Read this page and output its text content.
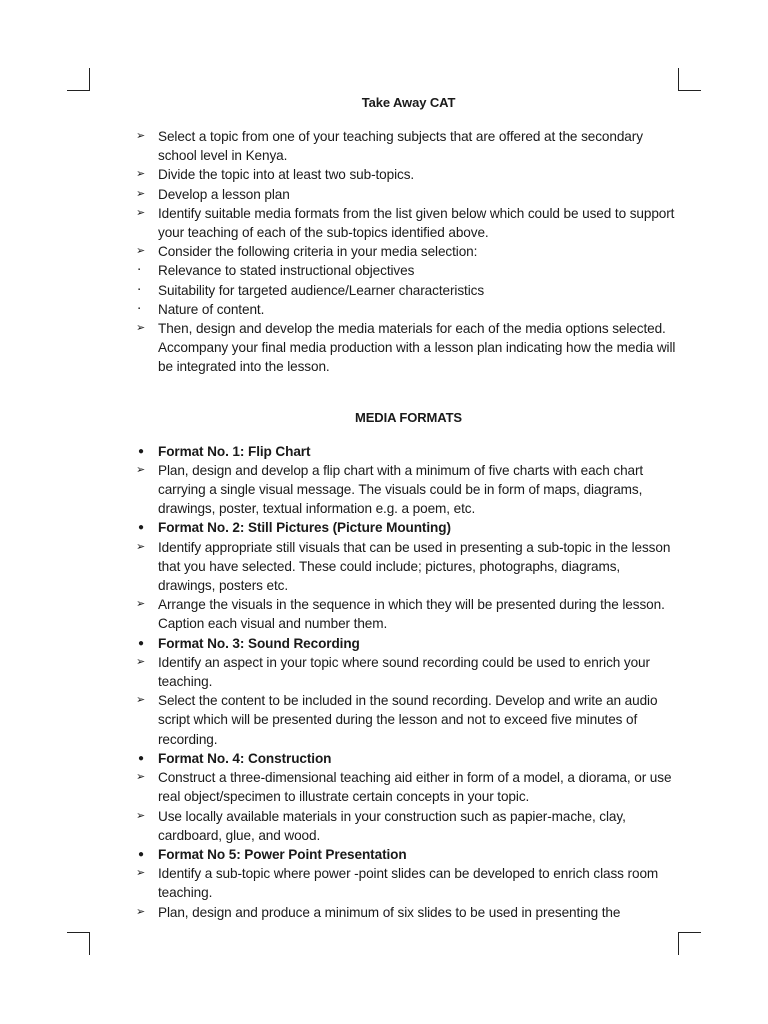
Take Away CAT
➢ Select a topic from one of your teaching subjects that are offered at the secondary school level in Kenya.
➢ Divide the topic into at least two sub-topics.
➢ Develop a lesson plan
➢ Identify suitable media formats from the list given below which could be used to support your teaching of each of the sub-topics identified above.
➢ Consider the following criteria in your media selection:
▪	Relevance to stated instructional objectives
▪	Suitability for targeted audience/Learner characteristics
▪	Nature of content.
➢ Then, design and develop the media materials for each of the media options selected. Accompany your final media production with a lesson plan indicating how the media will be integrated into the lesson.
MEDIA FORMATS
●	Format No. 1: Flip Chart
➢ Plan, design and develop a flip chart with a minimum of five charts with each chart carrying a single visual message. The visuals could be in form of maps, diagrams, drawings, poster, textual information e.g. a poem, etc.
●	Format No. 2: Still Pictures (Picture Mounting)
➢ Identify appropriate still visuals that can be used in presenting a sub-topic in the lesson that you have selected. These could include; pictures, photographs, diagrams, drawings, posters etc.
➢ Arrange the visuals in the sequence in which they will be presented during the lesson. Caption each visual and number them.
●	Format No. 3: Sound Recording
➢ Identify an aspect in your topic where sound recording could be used to enrich your teaching.
➢ Select the content to be included in the sound recording. Develop and write an audio script which will be presented during the lesson and not to exceed five minutes of recording.
●	Format No. 4: Construction
➢ Construct a three-dimensional teaching aid either in form of a model, a diorama, or use real object/specimen to illustrate certain concepts in your topic.
➢ Use locally available materials in your construction such as papier-mache, clay, cardboard, glue, and wood.
●	Format No 5: Power Point Presentation
➢ Identify a sub-topic where power -point slides can be developed to enrich class room teaching.
➢ Plan, design and produce a minimum of six slides to be used in presenting the
